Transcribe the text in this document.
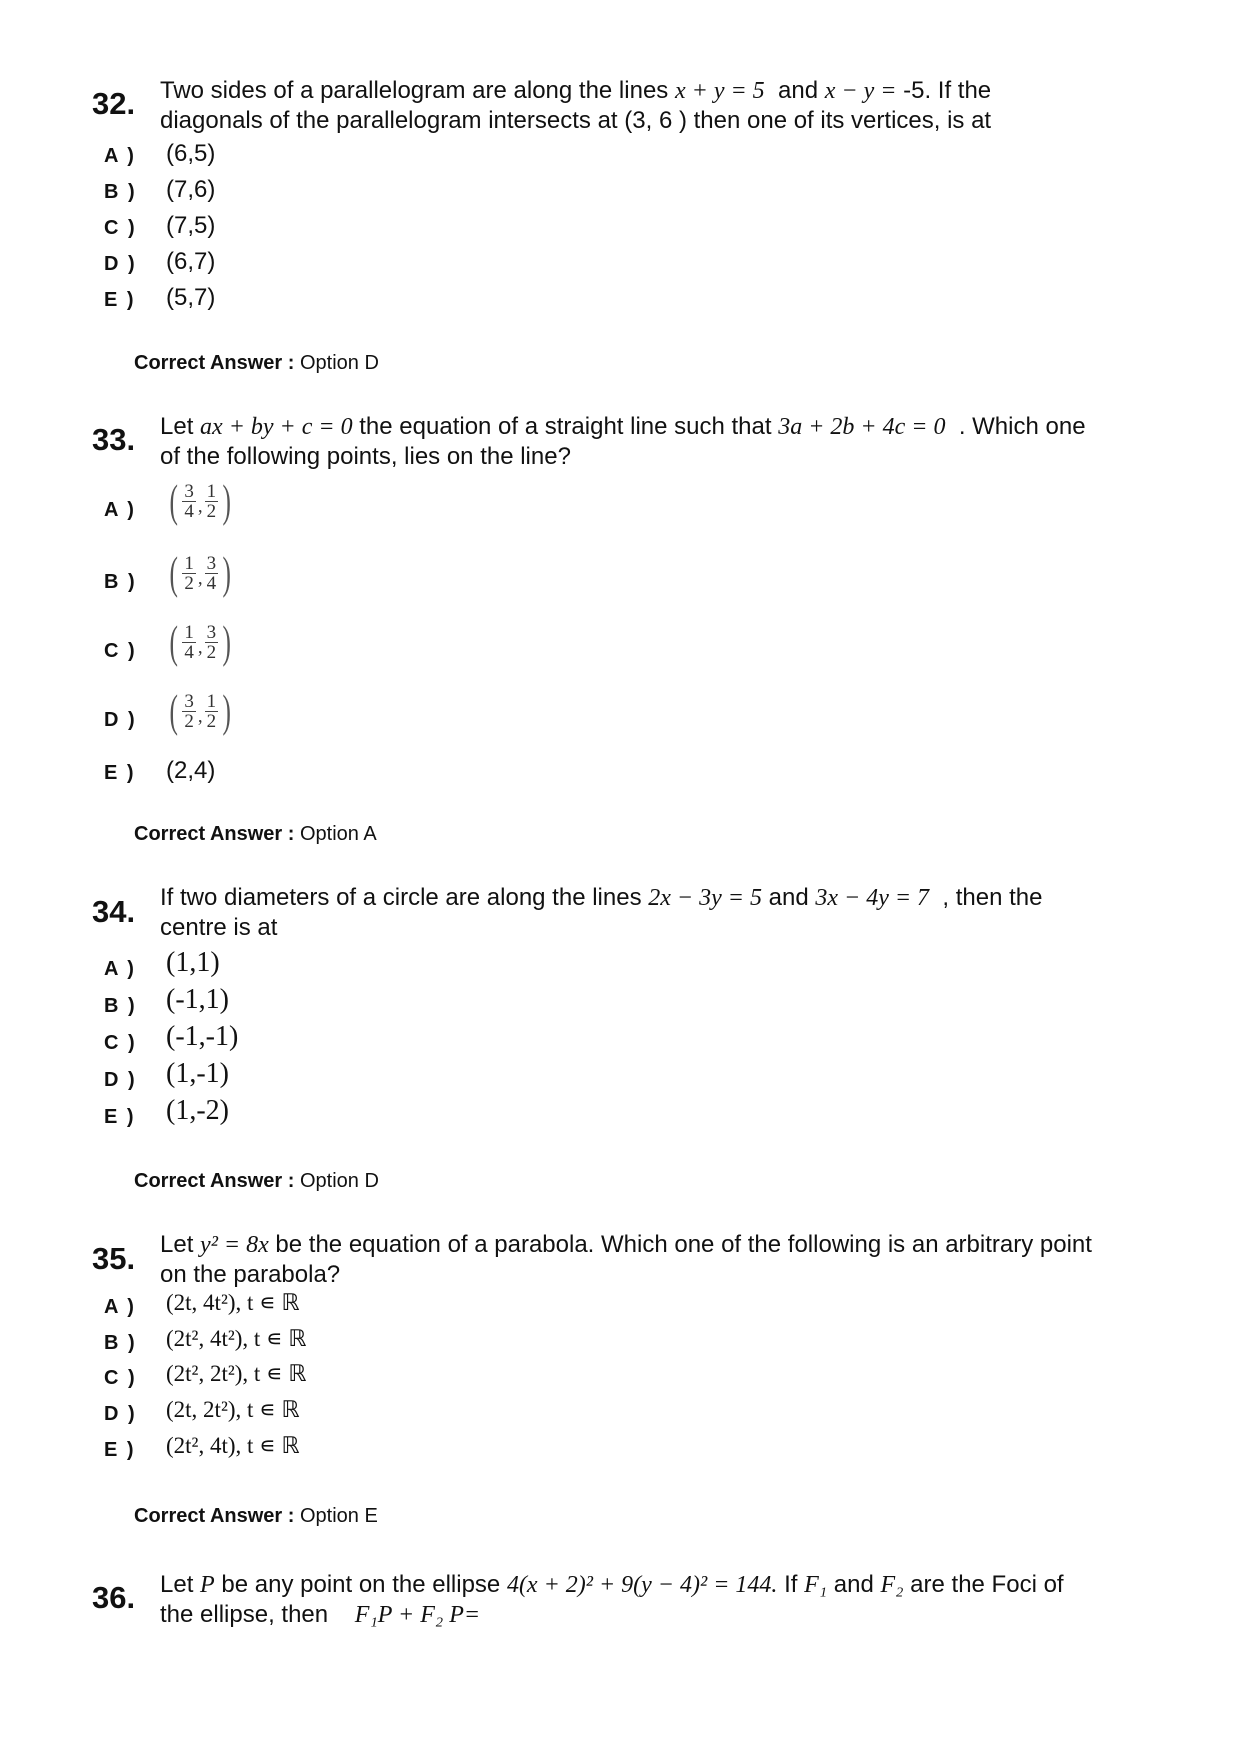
32. Two sides of a parallelogram are along the lines x + y = 5 and x − y = -5. If the
diagonals of the parallelogram intersects at (3, 6 ) then one of its vertices, is at
A ) (6,5)
B ) (7,6)
C ) (7,5)
D ) (6,7)
E ) (5,7)
Correct Answer : Option D
33. Let ax + by + c = 0 the equation of a straight line such that 3a + 2b + 4c = 0 . Which one
of the following points, lies on the line?
A ) ( $\frac{3}{4}$ , $\frac{1}{2}$ )
B ) ( $\frac{1}{2}$ , $\frac{3}{4}$ )
C ) ( $\frac{1}{4}$ , $\frac{3}{2}$ )
D ) ( $\frac{3}{2}$ , $\frac{1}{2}$ )
E ) (2,4)
Correct Answer : Option A
34. If two diameters of a circle are along the lines 2x − 3y = 5 and 3x − 4y = 7 , then the
centre is at
A ) (1,1)
B ) (-1,1)
C ) (-1,-1)
D ) (1,-1)
E ) (1,-2)
Correct Answer : Option D
35. Let y² = 8x be the equation of a parabola. Which one of the following is an arbitrary point
on the parabola?
A ) (2t, 4t²), t ∊ ℝ
B ) (2t², 4t²), t ∊ ℝ
C ) (2t², 2t²), t ∊ ℝ
D ) (2t, 2t²), t ∊ ℝ
E ) (2t², 4t), t ∊ ℝ
Correct Answer : Option E
36. Let P be any point on the ellipse 4(x + 2)² + 9(y − 4)² = 144. If F₁ and F₂ are the Foci of
the ellipse, then F₁P + F₂ P=
